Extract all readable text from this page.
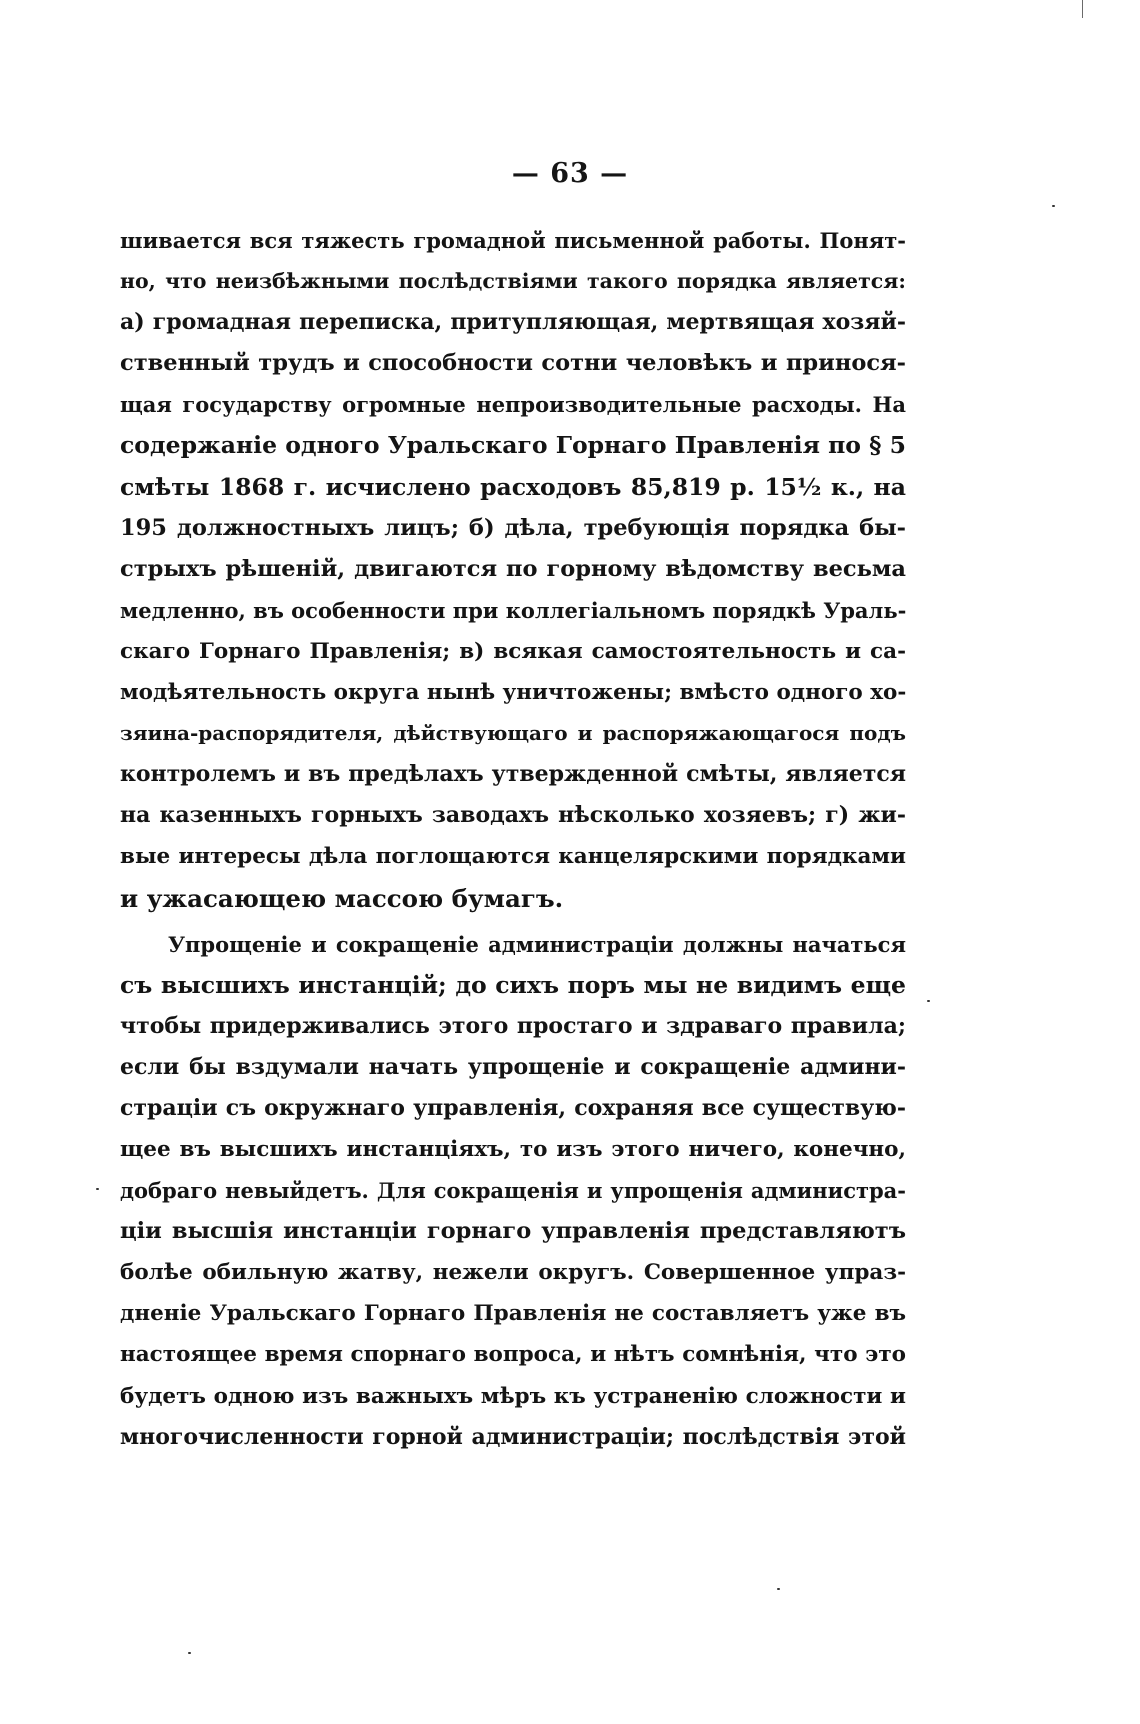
— 63 —

шивается вся тяжесть громадной письменной работы. Понят-
но, что неизбѣжными послѣдствіями такого порядка является:
а) громадная переписка, притупляющая, мертвящая хозяй-
ственный трудъ и способности сотни человѣкъ и принося-
щая государству огромные непроизводительные расходы. На
содержаніе одного Уральскаго Горнаго Правленія по § 5
смѣты 1868 г. исчислено расходовъ 85,819 р. 15½ к., на
195 должностныхъ лицъ; б) дѣла, требующія порядка бы-
стрыхъ рѣшеній, двигаются по горному вѣдомству весьма
медленно, въ особенности при коллегіальномъ порядкѣ Ураль-
скаго Горнаго Правленія; в) всякая самостоятельность и са-
модѣятельность округа нынѣ уничтожены; вмѣсто одного хо-
зяина-распорядителя, дѣйствующаго и распоряжающагося подъ
контролемъ и въ предѣлахъ утвержденной смѣты, является
на казенныхъ горныхъ заводахъ нѣсколько хозяевъ; г) жи-
вые интересы дѣла поглощаются канцелярскими порядками
и ужасающею массою бумагъ.
Упрощеніе и сокращеніе администраціи должны начаться
съ высшихъ инстанцій; до сихъ поръ мы не видимъ еще
чтобы придерживались этого простаго и здраваго правила;
если бы вздумали начать упрощеніе и сокращеніе админи-
страціи съ окружнаго управленія, сохраняя все существую-
щее въ высшихъ инстанціяхъ, то изъ этого ничего, конечно,
добраго невыйдетъ. Для сокращенія и упрощенія администра-
ціи высшія инстанціи горнаго управленія представляютъ
болѣе обильную жатву, нежели округъ. Совершенное упраз-
дненіе Уральскаго Горнаго Правленія не составляетъ уже въ
настоящее время спорнаго вопроса, и нѣтъ сомнѣнія, что это
будетъ одною изъ важныхъ мѣръ къ устраненію сложности и
многочисленности горной администраціи; послѣдствія этой
